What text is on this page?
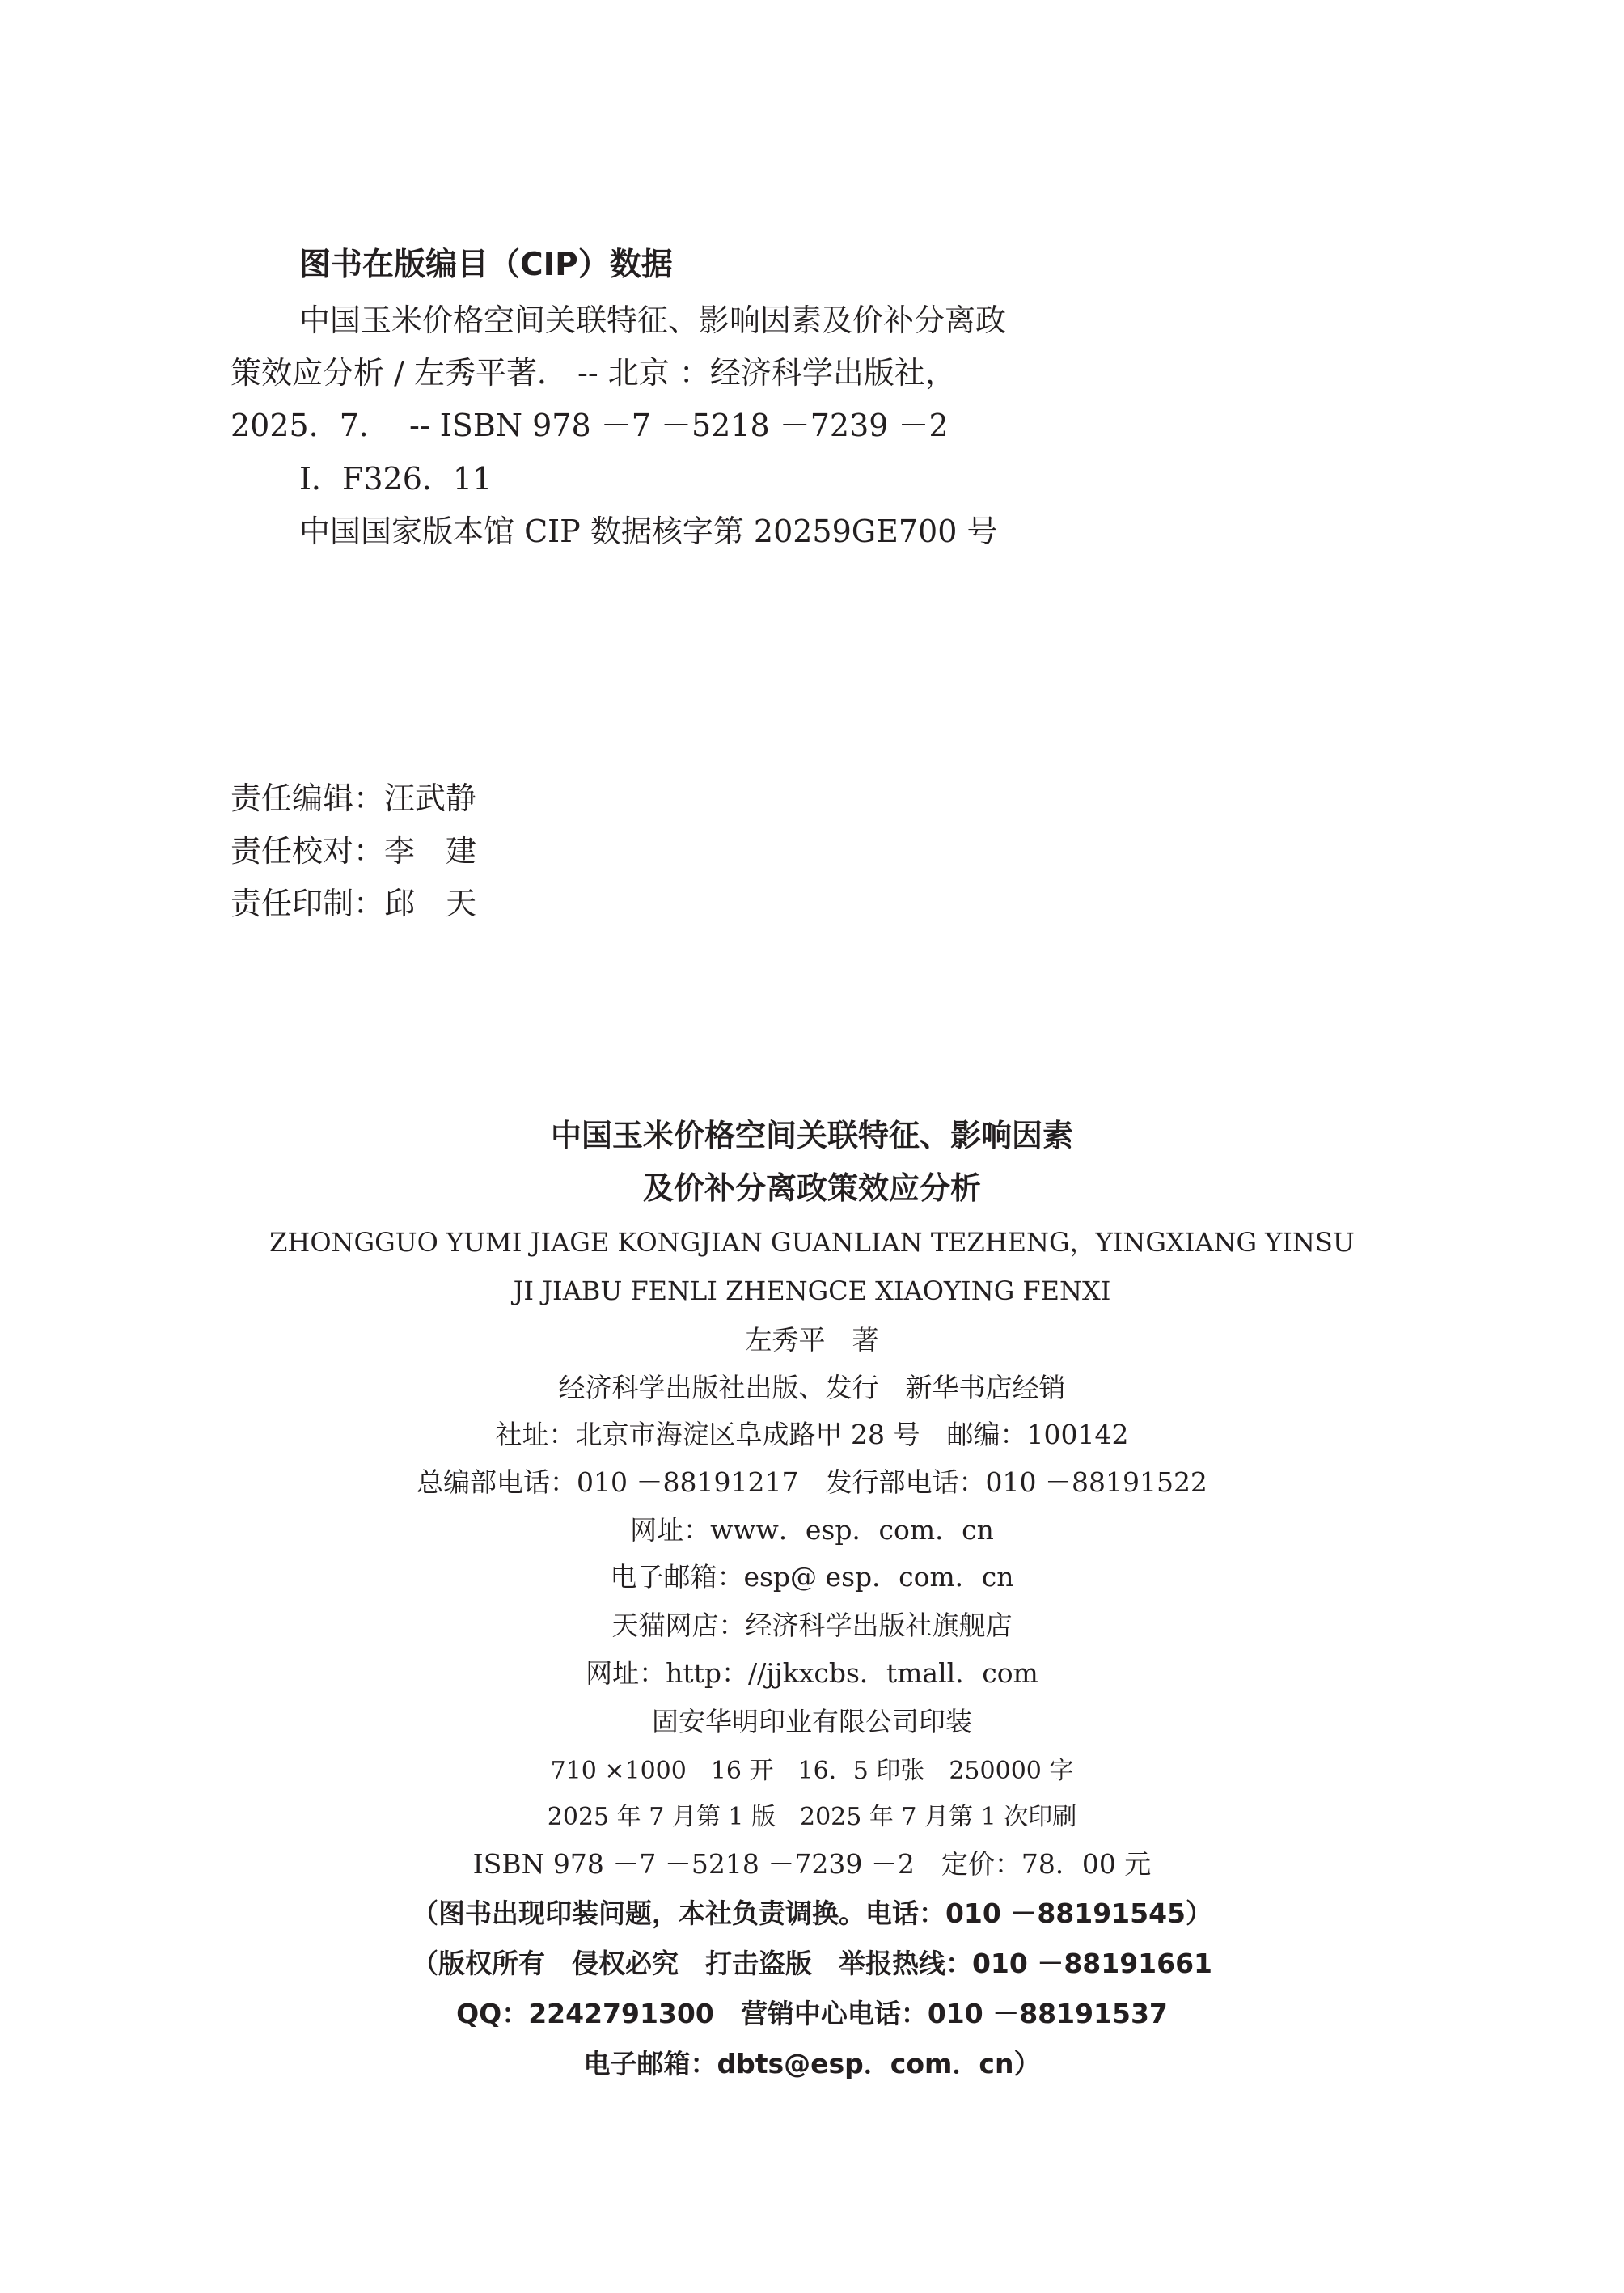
图书在版编目（CIP）数据
中国玉米价格空间关联特征、影响因素及价补分离政
策效应分析 / 左秀平著． -- 北京 ：经济科学出版社，
2025．7．  -- ISBN 978 －7 －5218 －7239 －2
Ⅰ．F326．11
中国国家版本馆 CIP 数据核字第 20259GE700 号
责任编辑：汪武静
责任校对：李　建
责任印制：邱　天
中国玉米价格空间关联特征、影响因素
及价补分离政策效应分析
ZHONGGUO YUMI JIAGE KONGJIAN GUANLIAN TEZHENG，YINGXIANG YINSU
JI JIABU FENLI ZHENGCE XIAOYING FENXI
左秀平　著
经济科学出版社出版、发行　新华书店经销
社址：北京市海淀区阜成路甲 28 号　邮编：100142
总编部电话：010 －88191217　发行部电话：010 －88191522
网址：www．esp．com．cn
电子邮箱：esp@ esp．com．cn
天猫网店：经济科学出版社旗舰店
网址：http：//jjkxcbs．tmall．com
固安华明印业有限公司印装
710 ×1000　16 开　16．5 印张　250000 字
2025 年 7 月第 1 版　2025 年 7 月第 1 次印刷
ISBN 978 －7 －5218 －7239 －2　定价：78．00 元
（图书出现印装问题，本社负责调换。电话：010 －88191545）
（版权所有　侵权必究　打击盗版　举报热线：010 －88191661
QQ：2242791300　营销中心电话：010 －88191537
电子邮箱：dbts@esp．com．cn）
